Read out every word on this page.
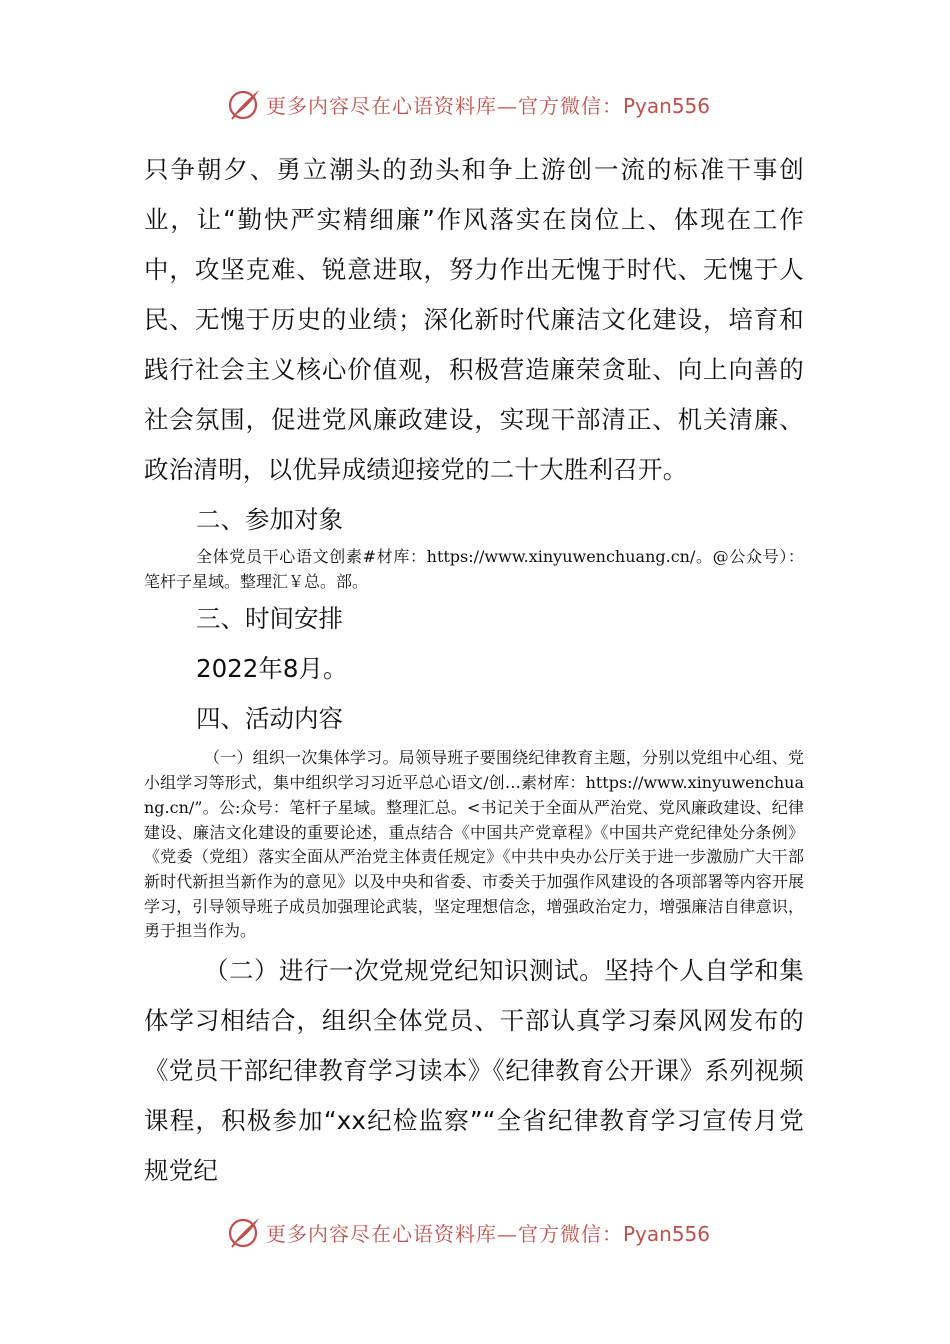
更多内容尽在心语资料库—官方微信：Pyan556

只争朝夕、勇立潮头的劲头和争上游创一流的标准干事创业，让“勤快严实精细廉”作风落实在岗位上、体现在工作中，攻坚克难、锐意进取，努力作出无愧于时代、无愧于人民、无愧于历史的业绩；深化新时代廉洁文化建设，培育和践行社会主义核心价值观，积极营造廉荣贪耻、向上向善的社会氛围，促进党风廉政建设，实现干部清正、机关清廉、政治清明，以优异成绩迎接党的二十大胜利召开。

二、参加对象

全体党员干心语文创素#材库：https://www.xinyuwenchuang.cn/。@公众号）：笔杆子星域。整理汇￥总。部。

三、时间安排

2022年8月。

四、活动内容

（一）组织一次集体学习。局领导班子要围绕纪律教育主题，分别以党组中心组、党小组学习等形式，集中组织学习习近平总心语文/创…素材库：https://www.xinyuwenchuang.cn/”。公:众号：笔杆子星域。整理汇总。<书记关于全面从严治党、党风廉政建设、纪律建设、廉洁文化建设的重要论述，重点结合《中国共产党章程》《中国共产党纪律处分条例》《党委（党组）落实全面从严治党主体责任规定》《中共中央办公厅关于进一步激励广大干部新时代新担当新作为的意见》以及中央和省委、市委关于加强作风建设的各项部署等内容开展学习，引导领导班子成员加强理论武装，坚定理想信念，增强政治定力，增强廉洁自律意识，勇于担当作为。

（二）进行一次党规党纪知识测试。坚持个人自学和集体学习相结合，组织全体党员、干部认真学习秦风网发布的《党员干部纪律教育学习读本》《纪律教育公开课》系列视频课程，积极参加“xx纪检监察”“全省纪律教育学习宣传月党规党纪

更多内容尽在心语资料库—官方微信：Pyan556
